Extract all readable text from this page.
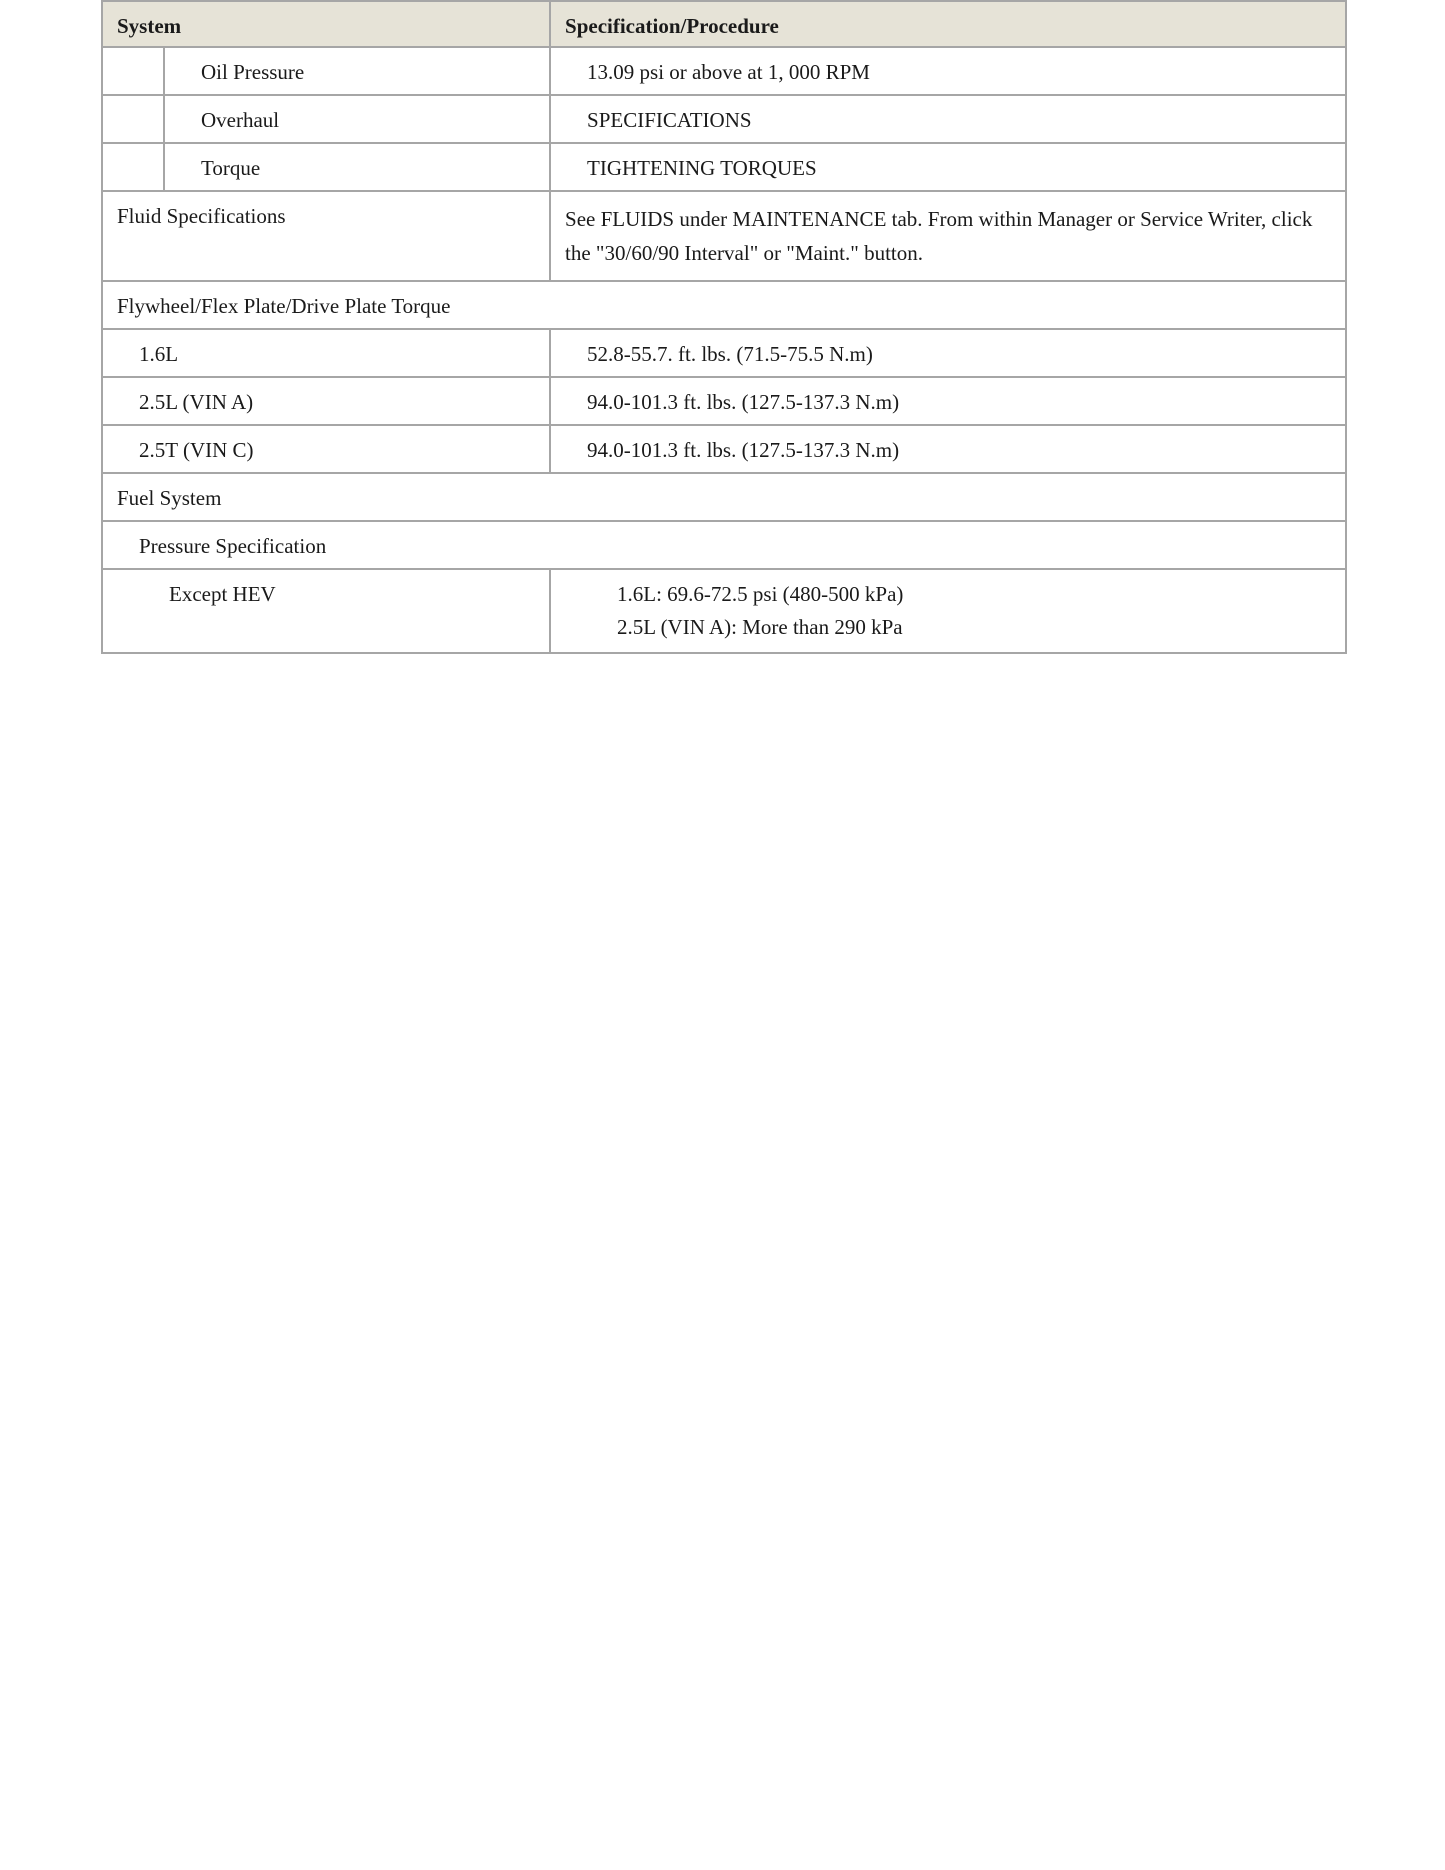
System		Specification/Procedure

	Oil Pressure	13.09 psi or above at 1, 000 RPM

	Overhaul	SPECIFICATIONS

	Torque	TIGHTENING TORQUES

Fluid Specifications		See FLUIDS under MAINTENANCE tab. From within Manager or Service Writer, click the "30/60/90 Interval" or "Maint." button.

Flywheel/Flex Plate/Drive Plate Torque		

1.6L		52.8-55.7. ft. lbs. (71.5-75.5 N.m)

2.5L (VIN A)		94.0-101.3 ft. lbs. (127.5-137.3 N.m)

2.5T (VIN C)		94.0-101.3 ft. lbs. (127.5-137.3 N.m)

Fuel System		

Pressure Specification		

Except HEV		1.6L: 69.6-72.5 psi (480-500 kPa)
2.5L (VIN A): More than 290 kPa
